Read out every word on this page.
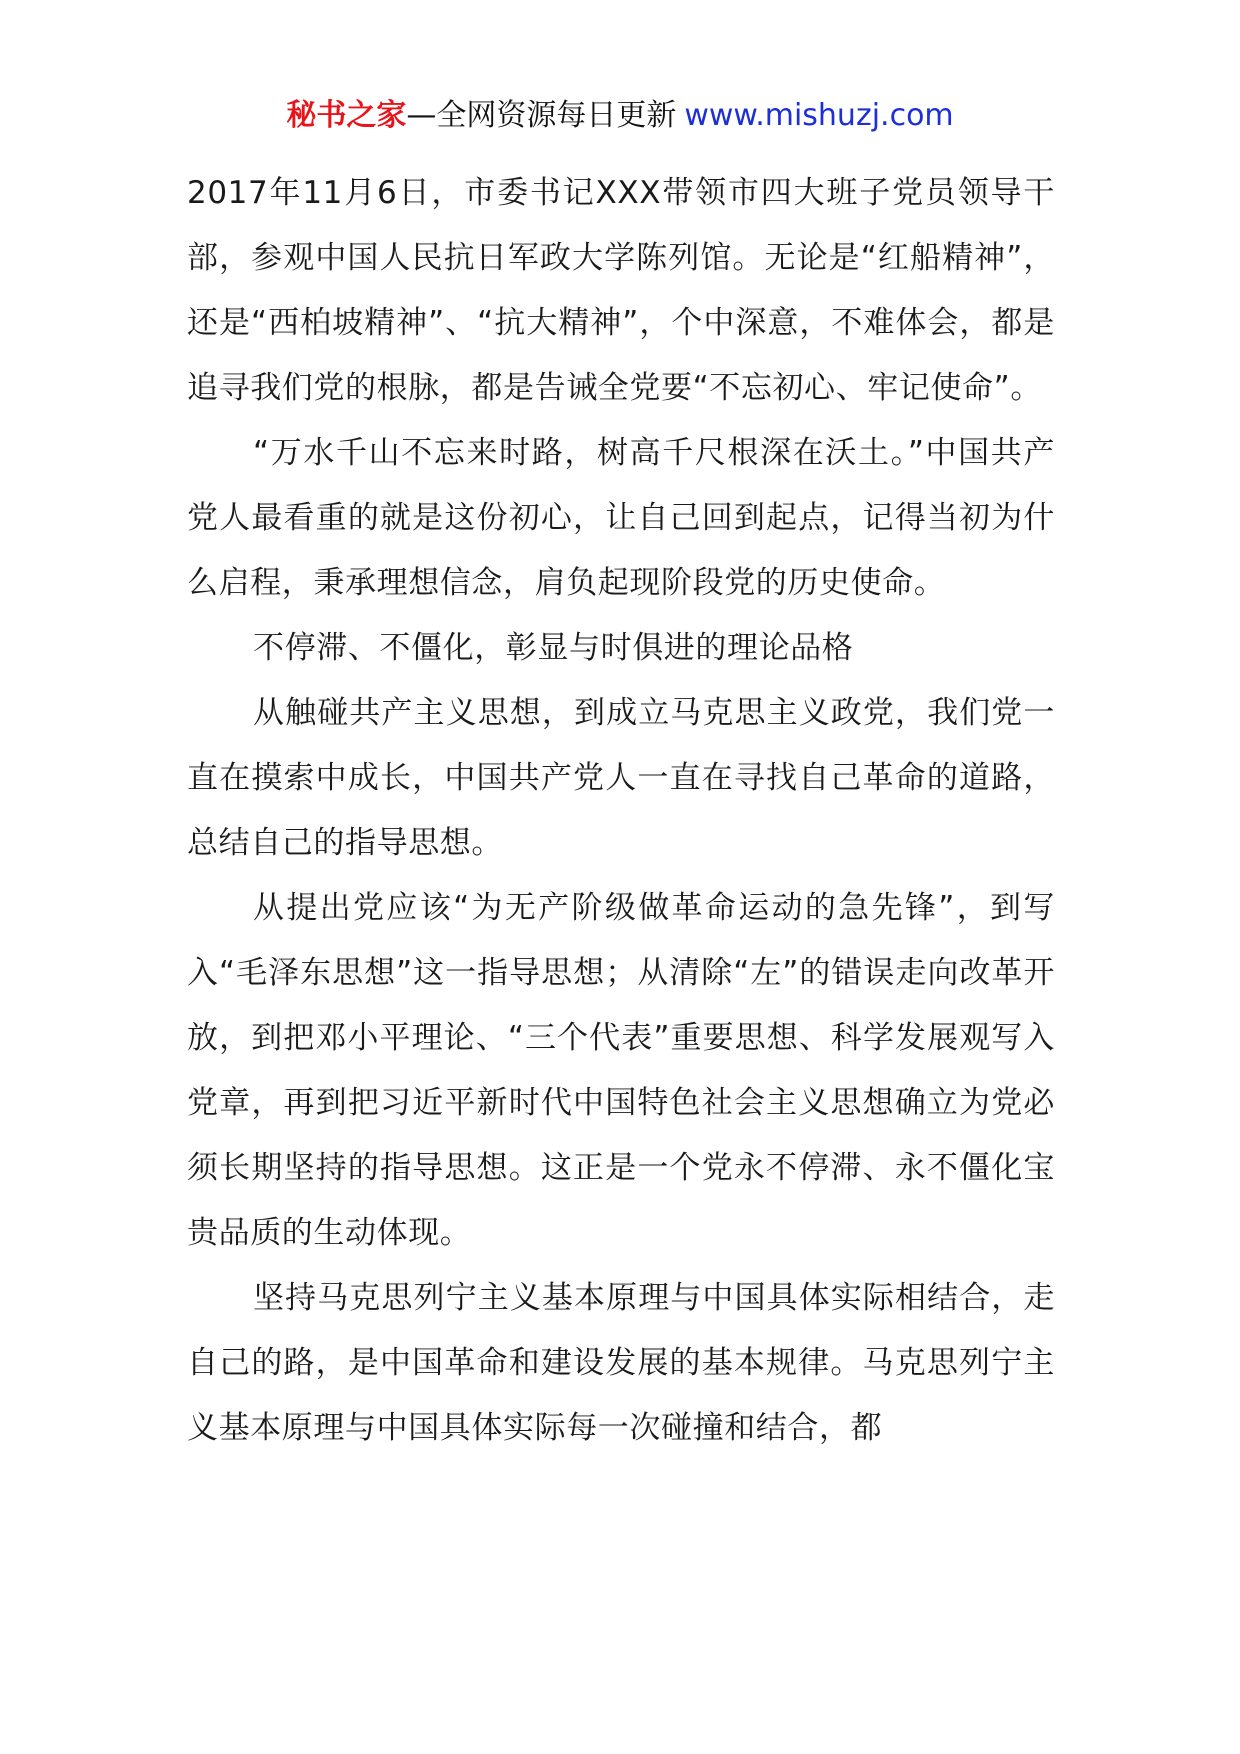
秘书之家—全网资源每日更新 www.mishuzj.com

2017年11月6日，市委书记XXX带领市四大班子党员领导干部，参观中国人民抗日军政大学陈列馆。无论是“红船精神”，还是“西柏坡精神”、“抗大精神”，个中深意，不难体会，都是追寻我们党的根脉，都是告诫全党要“不忘初心、牢记使命”。

“万水千山不忘来时路，树高千尺根深在沃土。”中国共产党人最看重的就是这份初心，让自己回到起点，记得当初为什么启程，秉承理想信念，肩负起现阶段党的历史使命。

不停滞、不僵化，彰显与时俱进的理论品格

从触碰共产主义思想，到成立马克思主义政党，我们党一直在摸索中成长，中国共产党人一直在寻找自己革命的道路，总结自己的指导思想。

从提出党应该“为无产阶级做革命运动的急先锋”，到写入“毛泽东思想”这一指导思想；从清除“左”的错误走向改革开放，到把邓小平理论、“三个代表”重要思想、科学发展观写入党章，再到把习近平新时代中国特色社会主义思想确立为党必须长期坚持的指导思想。这正是一个党永不停滞、永不僵化宝贵品质的生动体现。

坚持马克思列宁主义基本原理与中国具体实际相结合，走自己的路，是中国革命和建设发展的基本规律。马克思列宁主义基本原理与中国具体实际每一次碰撞和结合，都
